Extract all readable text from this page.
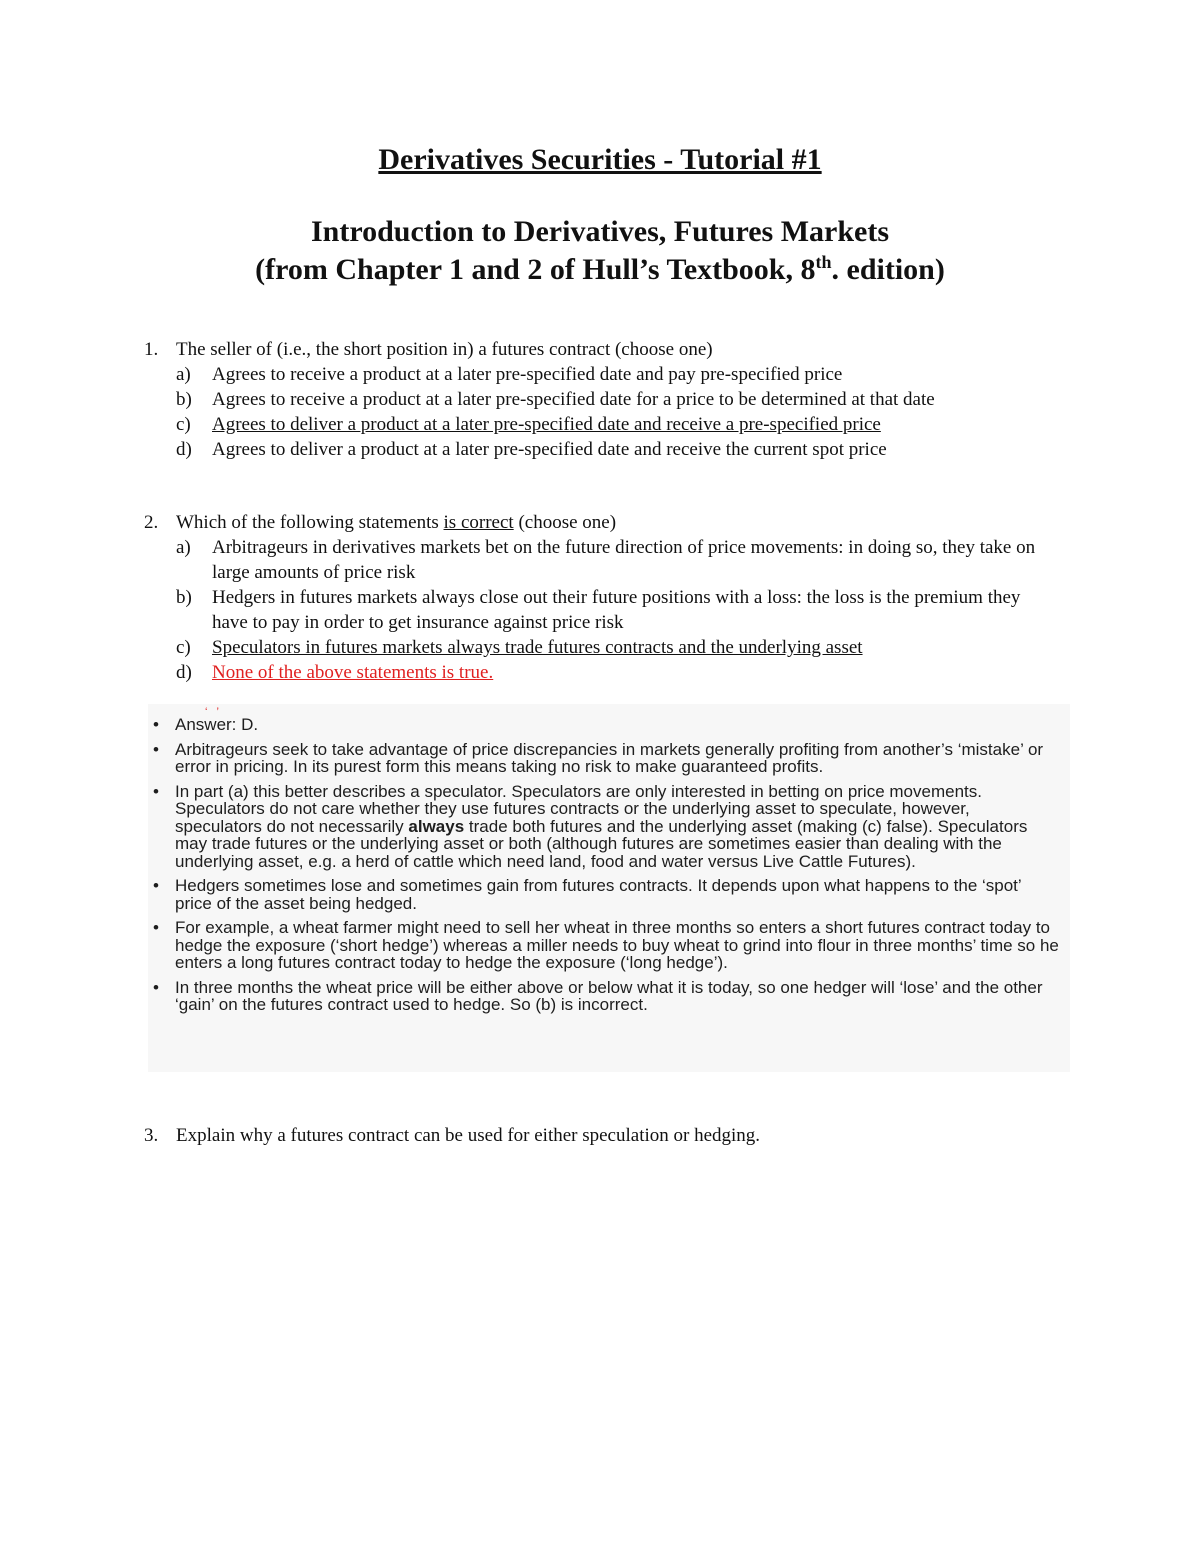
Derivatives Securities - Tutorial #1
Introduction to Derivatives, Futures Markets
(from Chapter 1 and 2 of Hull’s Textbook, 8th. edition)
1. The seller of (i.e., the short position in) a futures contract (choose one)
a) Agrees to receive a product at a later pre-specified date and pay pre-specified price
b) Agrees to receive a product at a later pre-specified date for a price to be determined at that date
c) Agrees to deliver a product at a later pre-specified date and receive a pre-specified price
d) Agrees to deliver a product at a later pre-specified date and receive the current spot price
2. Which of the following statements is correct (choose one)
a) Arbitrageurs in derivatives markets bet on the future direction of price movements: in doing so, they take on large amounts of price risk
b) Hedgers in futures markets always close out their future positions with a loss: the loss is the premium they have to pay in order to get insurance against price risk
c) Speculators in futures markets always trade futures contracts and the underlying asset
d) None of the above statements is true.
‘ ’
• Answer: D.
• Arbitrageurs seek to take advantage of price discrepancies in markets generally profiting from another’s ‘mistake’ or error in pricing. In its purest form this means taking no risk to make guaranteed profits.
• In part (a) this better describes a speculator. Speculators are only interested in betting on price movements. Speculators do not care whether they use futures contracts or the underlying asset to speculate, however, speculators do not necessarily always trade both futures and the underlying asset (making (c) false). Speculators may trade futures or the underlying asset or both (although futures are sometimes easier than dealing with the underlying asset, e.g. a herd of cattle which need land, food and water versus Live Cattle Futures).
• Hedgers sometimes lose and sometimes gain from futures contracts. It depends upon what happens to the ‘spot’ price of the asset being hedged.
• For example, a wheat farmer might need to sell her wheat in three months so enters a short futures contract today to hedge the exposure (‘short hedge’) whereas a miller needs to buy wheat to grind into flour in three months’ time so he enters a long futures contract today to hedge the exposure (‘long hedge’).
• In three months the wheat price will be either above or below what it is today, so one hedger will ‘lose’ and the other ‘gain’ on the futures contract used to hedge. So (b) is incorrect.
3. Explain why a futures contract can be used for either speculation or hedging.
